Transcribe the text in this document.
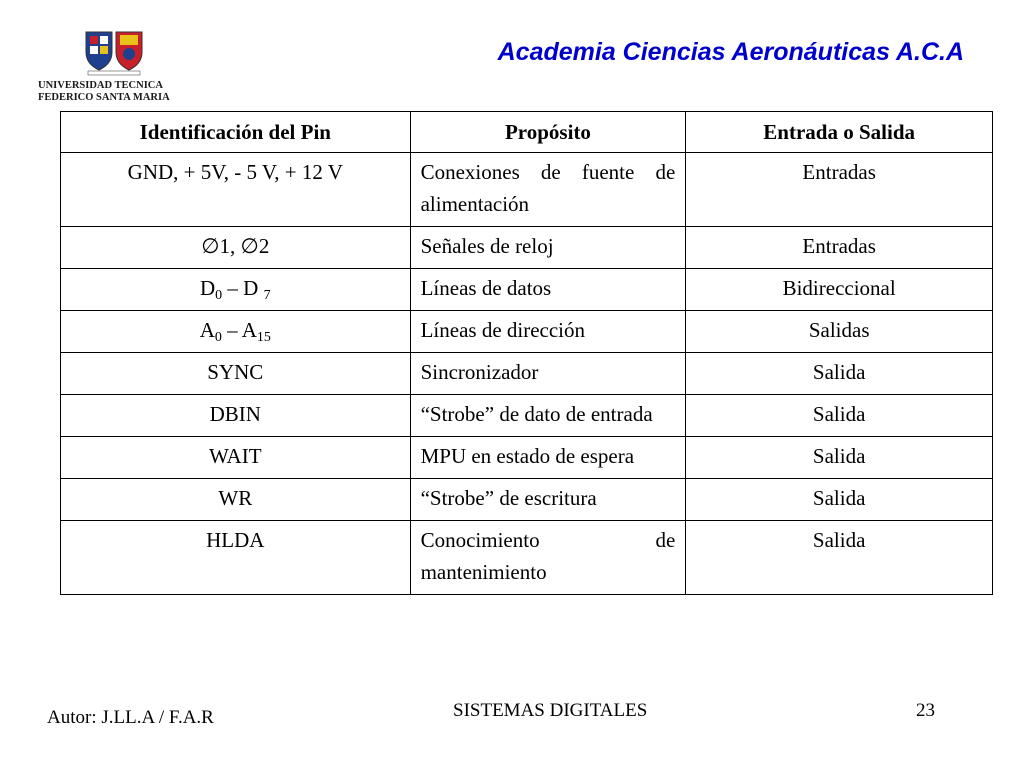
UNIVERSIDAD TECNICA
FEDERICO SANTA MARIA
Academia Ciencias Aeronáuticas A.C.A
Identificación del Pin	Propósito	Entrada o Salida
GND, + 5V, - 5 V, + 12 V	Conexiones de fuente de alimentación	Entradas
∅1, ∅2	Señales de reloj	Entradas
$D_0$ – D $_7$	Líneas de datos	Bidireccional
$A_0 - A_{15}$	Líneas de dirección	Salidas
SYNC	Sincronizador	Salida
DBIN	“Strobe” de dato de entrada	Salida
WAIT	MPU en estado de espera	Salida
WR	“Strobe” de escritura	Salida
HLDA	Conocimiento de mantenimiento	Salida
Autor: J.LL.A / F.A.R	SISTEMAS DIGITALES	23
